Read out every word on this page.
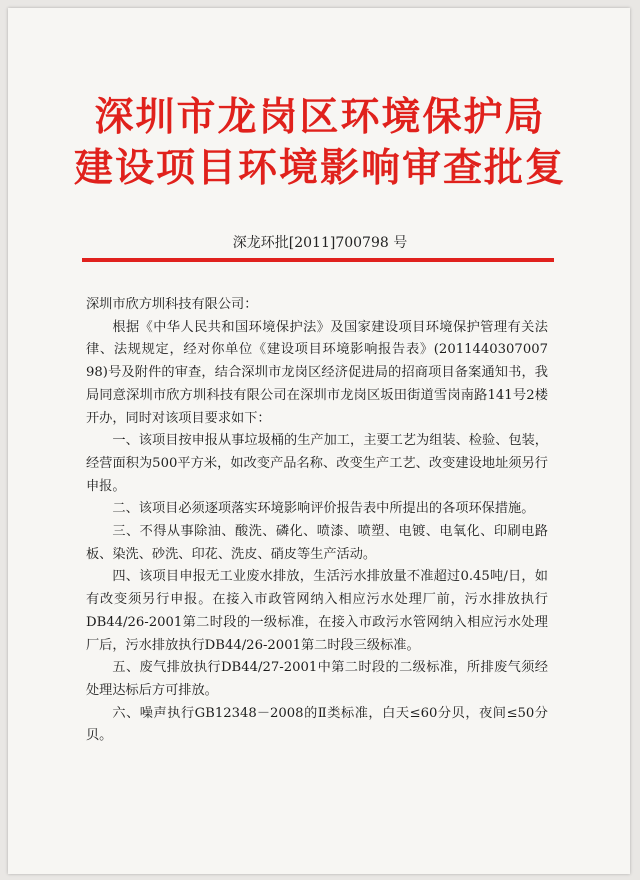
深圳市龙岗区环境保护局
建设项目环境影响审查批复
深龙环批[2011]700798 号

深圳市欣方圳科技有限公司：

根据《中华人民共和国环境保护法》及国家建设项目环境保护管理有关法律、法规规定，经对你单位《建设项目环境影响报告表》(2011440307007 98)号及附件的审查，结合深圳市龙岗区经济促进局的招商项目备案通知书，我局同意深圳市欣方圳科技有限公司在深圳市龙岗区坂田街道雪岗南路141号2楼开办，同时对该项目要求如下：

一、该项目按申报从事垃圾桶的生产加工，主要工艺为组装、检验、包装，经营面积为500平方米，如改变产品名称、改变生产工艺、改变建设地址须另行申报。

二、该项目必须逐项落实环境影响评价报告表中所提出的各项环保措施。

三、不得从事除油、酸洗、磷化、喷漆、喷塑、电镀、电氧化、印刷电路板、染洗、砂洗、印花、洗皮、硝皮等生产活动。

四、该项目申报无工业废水排放，生活污水排放量不准超过0.45吨/日，如有改变须另行申报。在接入市政管网纳入相应污水处理厂前，污水排放执行DB44/26-2001第二时段的一级标准，在接入市政污水管网纳入相应污水处理厂后，污水排放执行DB44/26-2001第二时段三级标准。

五、废气排放执行DB44/27-2001中第二时段的二级标准，所排废气须经处理达标后方可排放。

六、噪声执行GB12348－2008的Ⅱ类标准，白天≤60分贝，夜间≤50分贝。
